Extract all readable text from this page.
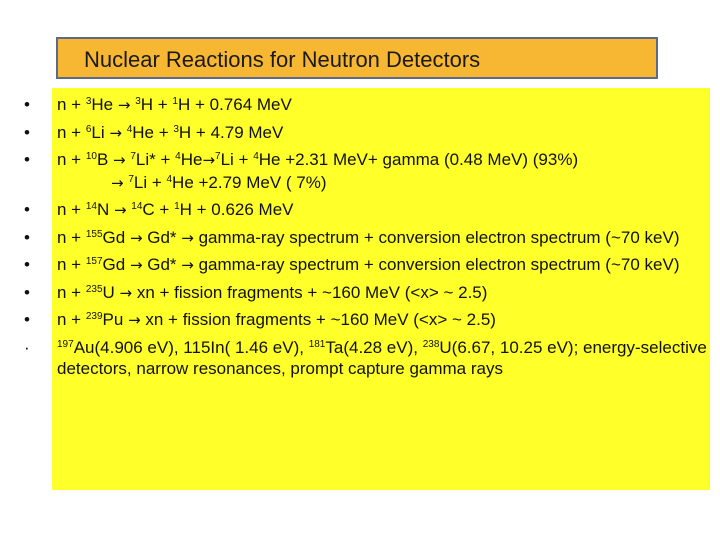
Nuclear Reactions for Neutron Detectors
• n + $^3$He → $^3$H + $^1$H + 0.764 MeV
• n + $^6$Li → $^4$He + $^3$H + 4.79 MeV
• n + $^{10}$B → $^7$Li* + $^4$He→$^7$Li + $^4$He +2.31 MeV+ gamma (0.48 MeV) (93%)
→ $^7$Li + $^4$He +2.79 MeV ( 7%)
• n + $^{14}$N → $^{14}$C + $^1$H + 0.626 MeV
• n + $^{155}$Gd → Gd* → gamma-ray spectrum + conversion electron spectrum (~70 keV)
• n + $^{157}$Gd → Gd* → gamma-ray spectrum + conversion electron spectrum (~70 keV)
• n + $^{235}$U → xn + fission fragments + ~160 MeV (<x> ~ 2.5)
• n + $^{239}$Pu → xn + fission fragments + ~160 MeV (<x> ~ 2.5)
·	$^{197}$Au(4.906 eV), 115In( 1.46 eV), $^{181}$Ta(4.28 eV), $^{238}$U(6.67, 10.25 eV); energy-selective detectors, narrow resonances, prompt capture gamma rays
